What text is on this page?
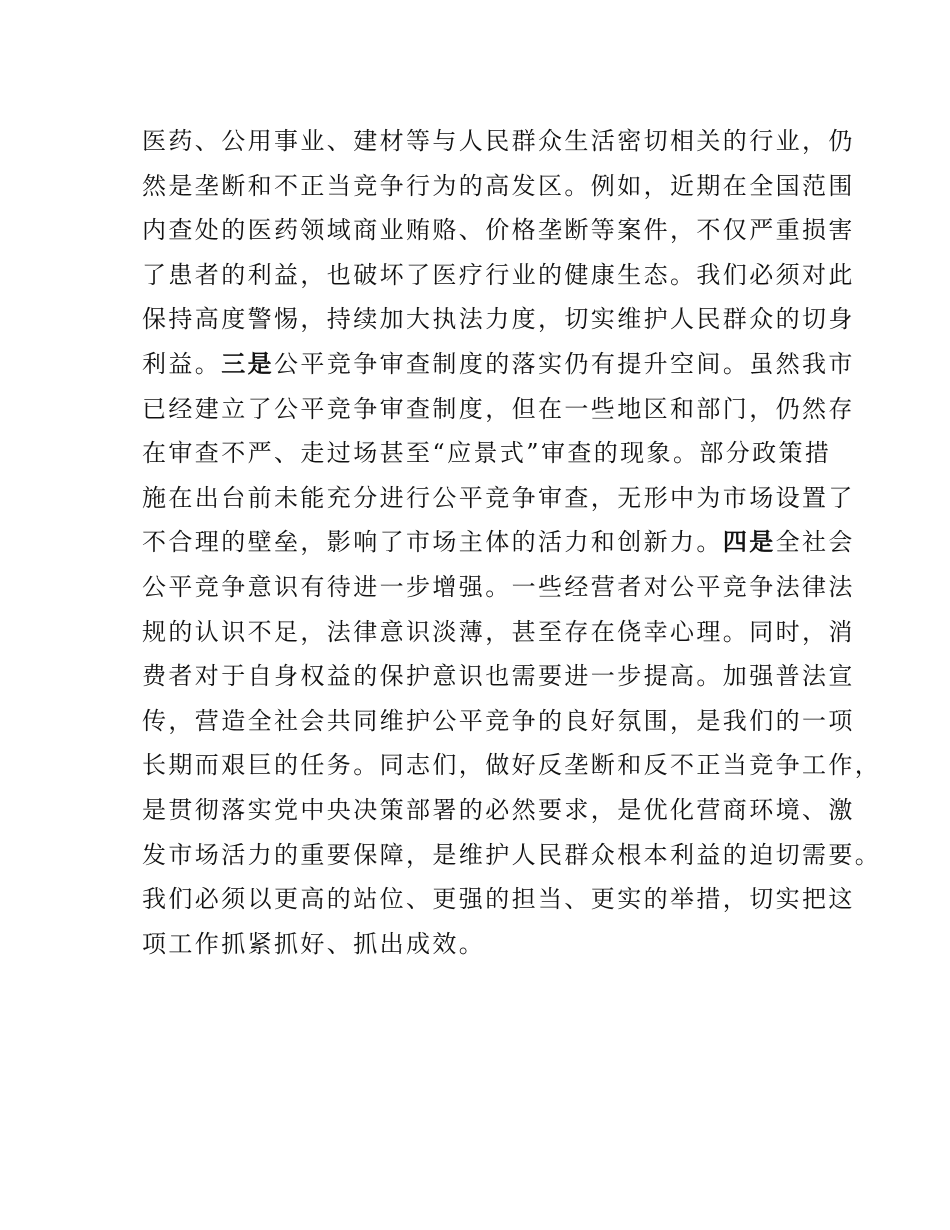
医药、公用事业、建材等与人民群众生活密切相关的行业，仍
然是垄断和不正当竞争行为的高发区。例如，近期在全国范围
内查处的医药领域商业贿赂、价格垄断等案件，不仅严重损害
了患者的利益，也破坏了医疗行业的健康生态。我们必须对此
保持高度警惕，持续加大执法力度，切实维护人民群众的切身
利益。三是公平竞争审查制度的落实仍有提升空间。虽然我市
已经建立了公平竞争审查制度，但在一些地区和部门，仍然存
在审查不严、走过场甚至“应景式”审查的现象。部分政策措
施在出台前未能充分进行公平竞争审查，无形中为市场设置了
不合理的壁垒，影响了市场主体的活力和创新力。四是全社会
公平竞争意识有待进一步增强。一些经营者对公平竞争法律法
规的认识不足，法律意识淡薄，甚至存在侥幸心理。同时，消
费者对于自身权益的保护意识也需要进一步提高。加强普法宣
传，营造全社会共同维护公平竞争的良好氛围，是我们的一项
长期而艰巨的任务。同志们，做好反垄断和反不正当竞争工作，
是贯彻落实党中央决策部署的必然要求，是优化营商环境、激
发市场活力的重要保障，是维护人民群众根本利益的迫切需要。
我们必须以更高的站位、更强的担当、更实的举措，切实把这
项工作抓紧抓好、抓出成效。
